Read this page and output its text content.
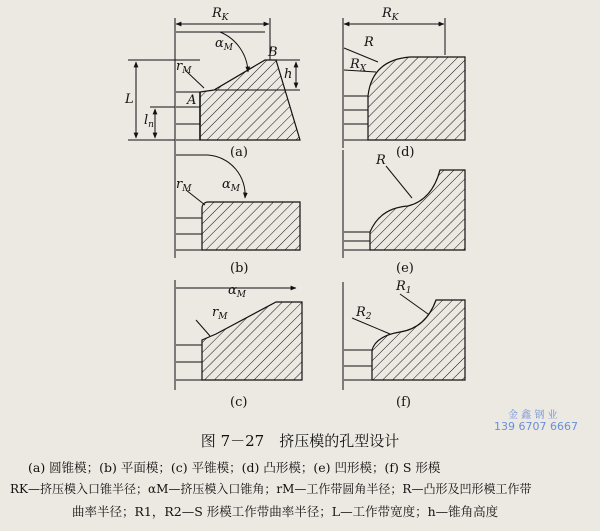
$R_K$
$\alpha_M$
$r_M$
B
A
h
L
$l_n$
(a)
$\alpha_M$
$r_M$
(b)
$\alpha_M$
$r_M$
(c)
$R_K$
R
$R_X$
(d)
R
(e)
$R_1$
$R_2$
(f)
金 鑫 钢 业
139 6707 6667
图 7－27　挤压模的孔型设计
(a) 圆锥模；(b) 平面模；(c) 平锥模；(d) 凸形模；(e) 凹形模；(f) S 形模
RK—挤压模入口锥半径；αM—挤压模入口锥角；rM—工作带圆角半径；R—凸形及凹形模工作带
曲率半径；R1，R2—S 形模工作带曲率半径；L—工作带宽度；h—锥角高度
